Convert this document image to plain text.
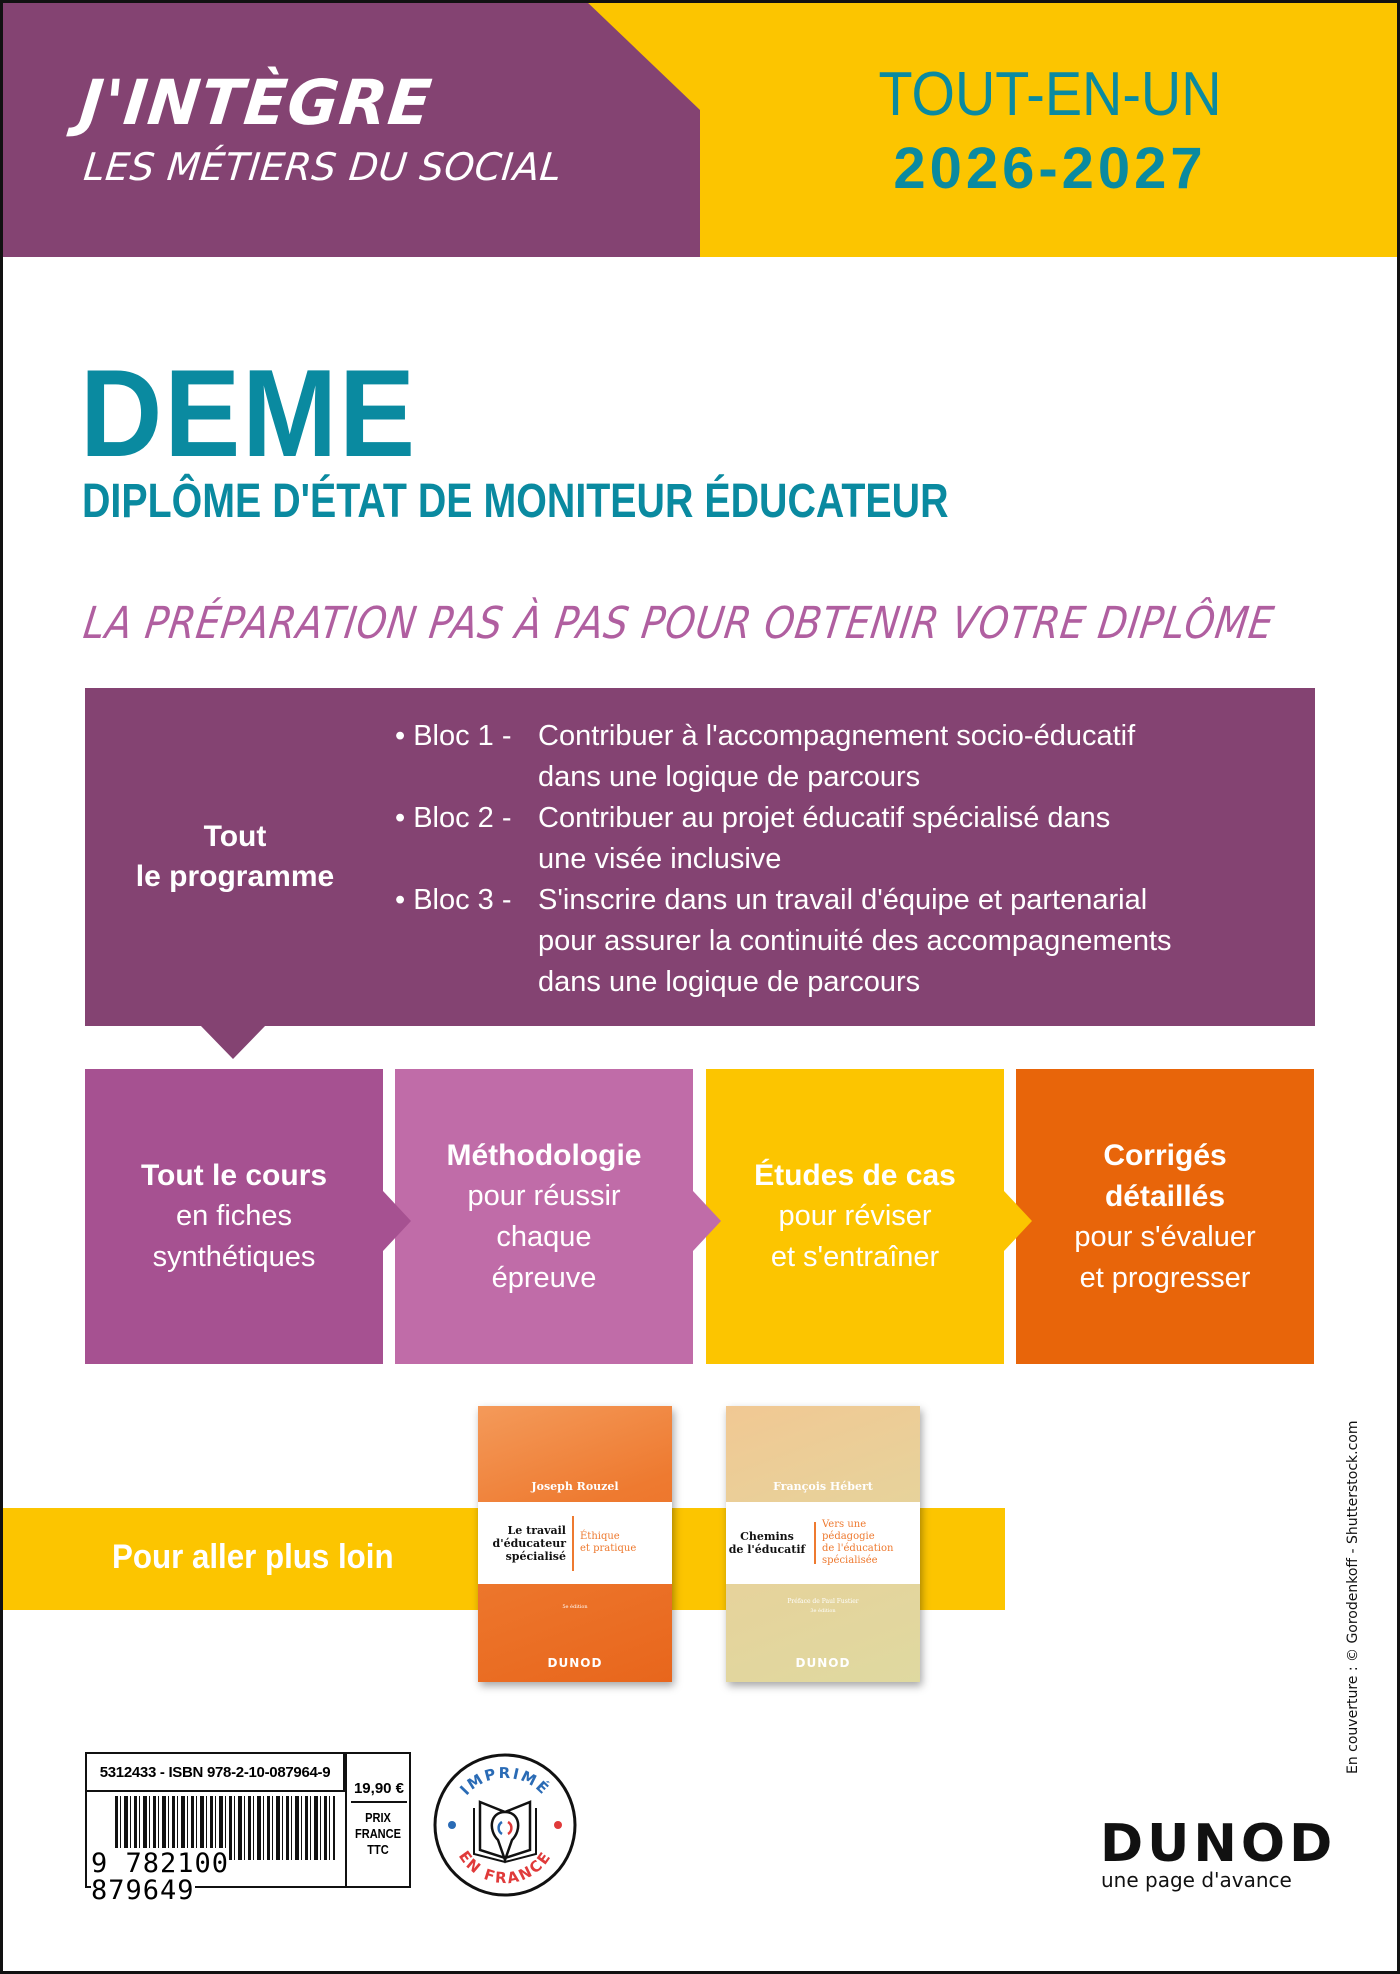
J'INTÈGRE
LES MÉTIERS DU SOCIAL
TOUT-EN-UN
2026-2027
DEME
DIPLÔME D'ÉTAT DE MONITEUR ÉDUCATEUR
LA PRÉPARATION PAS À PAS POUR OBTENIR VOTRE DIPLÔME
Tout
le programme
• Bloc 1 - Contribuer à l'accompagnement socio-éducatif
dans une logique de parcours
• Bloc 2 - Contribuer au projet éducatif spécialisé dans
une visée inclusive
• Bloc 3 - S'inscrire dans un travail d'équipe et partenarial
pour assurer la continuité des accompagnements
dans une logique de parcours
Tout le cours
en fiches
synthétiques
Méthodologie
pour réussir
chaque
épreuve
Études de cas
pour réviser
et s'entraîner
Corrigés
détaillés
pour s'évaluer
et progresser
Pour aller plus loin
Joseph Rouzel
Le travail
d'éducateur
spécialisé
Éthique
et pratique
5e édition
DUNOD
François Hébert
Chemins
de l'éducatif
Vers une
pédagogie
de l'éducation
spécialisée
Préface de Paul Fustier
3e édition
DUNOD	En couverture : © Gorodenkoff - Shutterstock.com
5312433 - ISBN 978-2-10-087964-9
9 782100 879649
19,90 €
PRIX
FRANCE
TTC
IMPRIMÉ
EN FRANCE	DUNOD
une page d'avance
